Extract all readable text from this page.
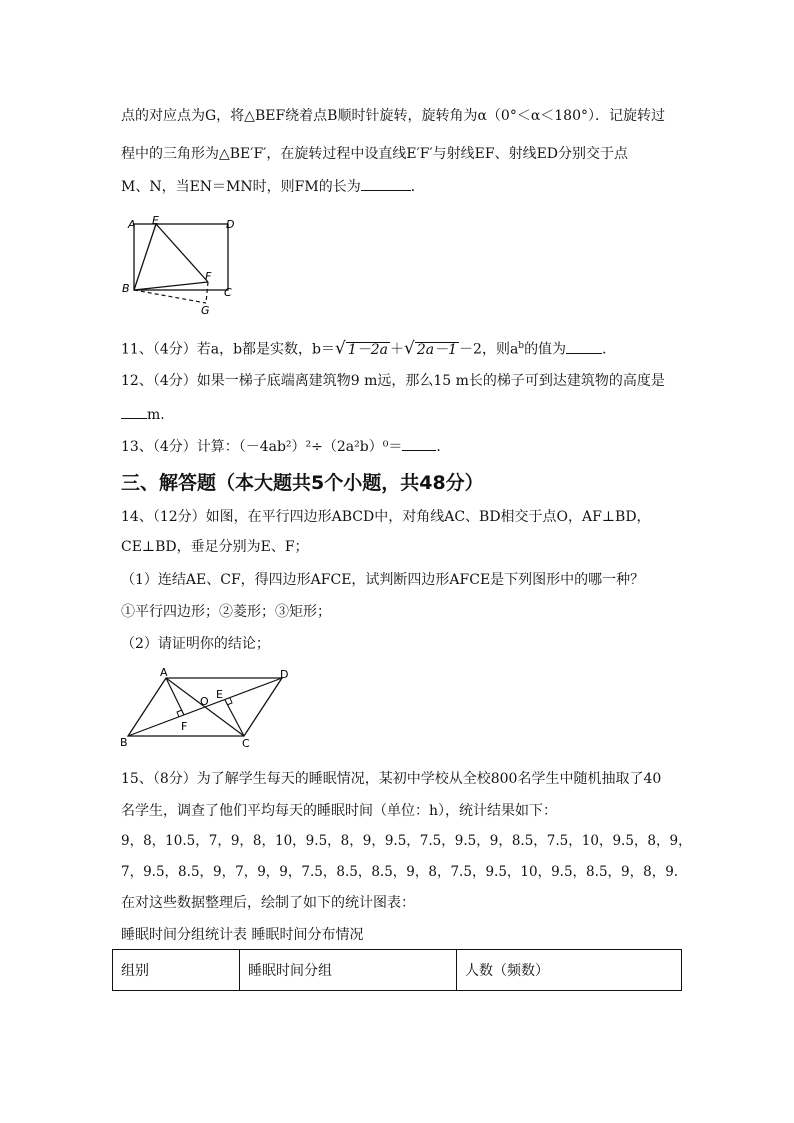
点的对应点为G，将△BEF绕着点B顺时针旋转，旋转角为α（0°＜α＜180°）．记旋转过
程中的三角形为△BE′F′，在旋转过程中设直线E′F′与射线EF、射线ED分别交于点
M、N，当EN＝MN时，则FM的长为	．
A E	D
F
B	C
G
11、（4分）若a，b都是实数，b＝√ 1－2a ＋√ 2a－1 －2，则$a^b$的值为	．
12、（4分）如果一梯子底端离建筑物9 m远，那么15 m长的梯子可到达建筑物的高度是
m.
13、（4分）计算：（－4ab²）²÷（2a²b）⁰＝ ．
三、解答题（本大题共5个小题，共48分）
14、（12分）如图，在平行四边形ABCD中，对角线AC、BD相交于点O，AF⊥BD，
CE⊥BD，垂足分别为E、F；
（1）连结AE、CF，得四边形AFCE，试判断四边形AFCE是下列图形中的哪一种？
①平行四边形；②菱形；③矩形；
（2）请证明你的结论；
A	D
O
E
F
B	C
15、（8分）为了解学生每天的睡眠情况，某初中学校从全校800名学生中随机抽取了40
名学生，调查了他们平均每天的睡眠时间（单位：h），统计结果如下：
9，8，10.5，7，9，8，10，9.5，8，9，9.5，7.5，9.5，9，8.5，7.5，10，9.5，8，9，
7，9.5，8.5，9，7，9，9，7.5，8.5，8.5，9，8，7.5，9.5，10，9.5，8.5，9，8，9.
在对这些数据整理后，绘制了如下的统计图表：
睡眠时间分组统计表 睡眠时间分布情况
组别	睡眠时间分组	人数（频数）
